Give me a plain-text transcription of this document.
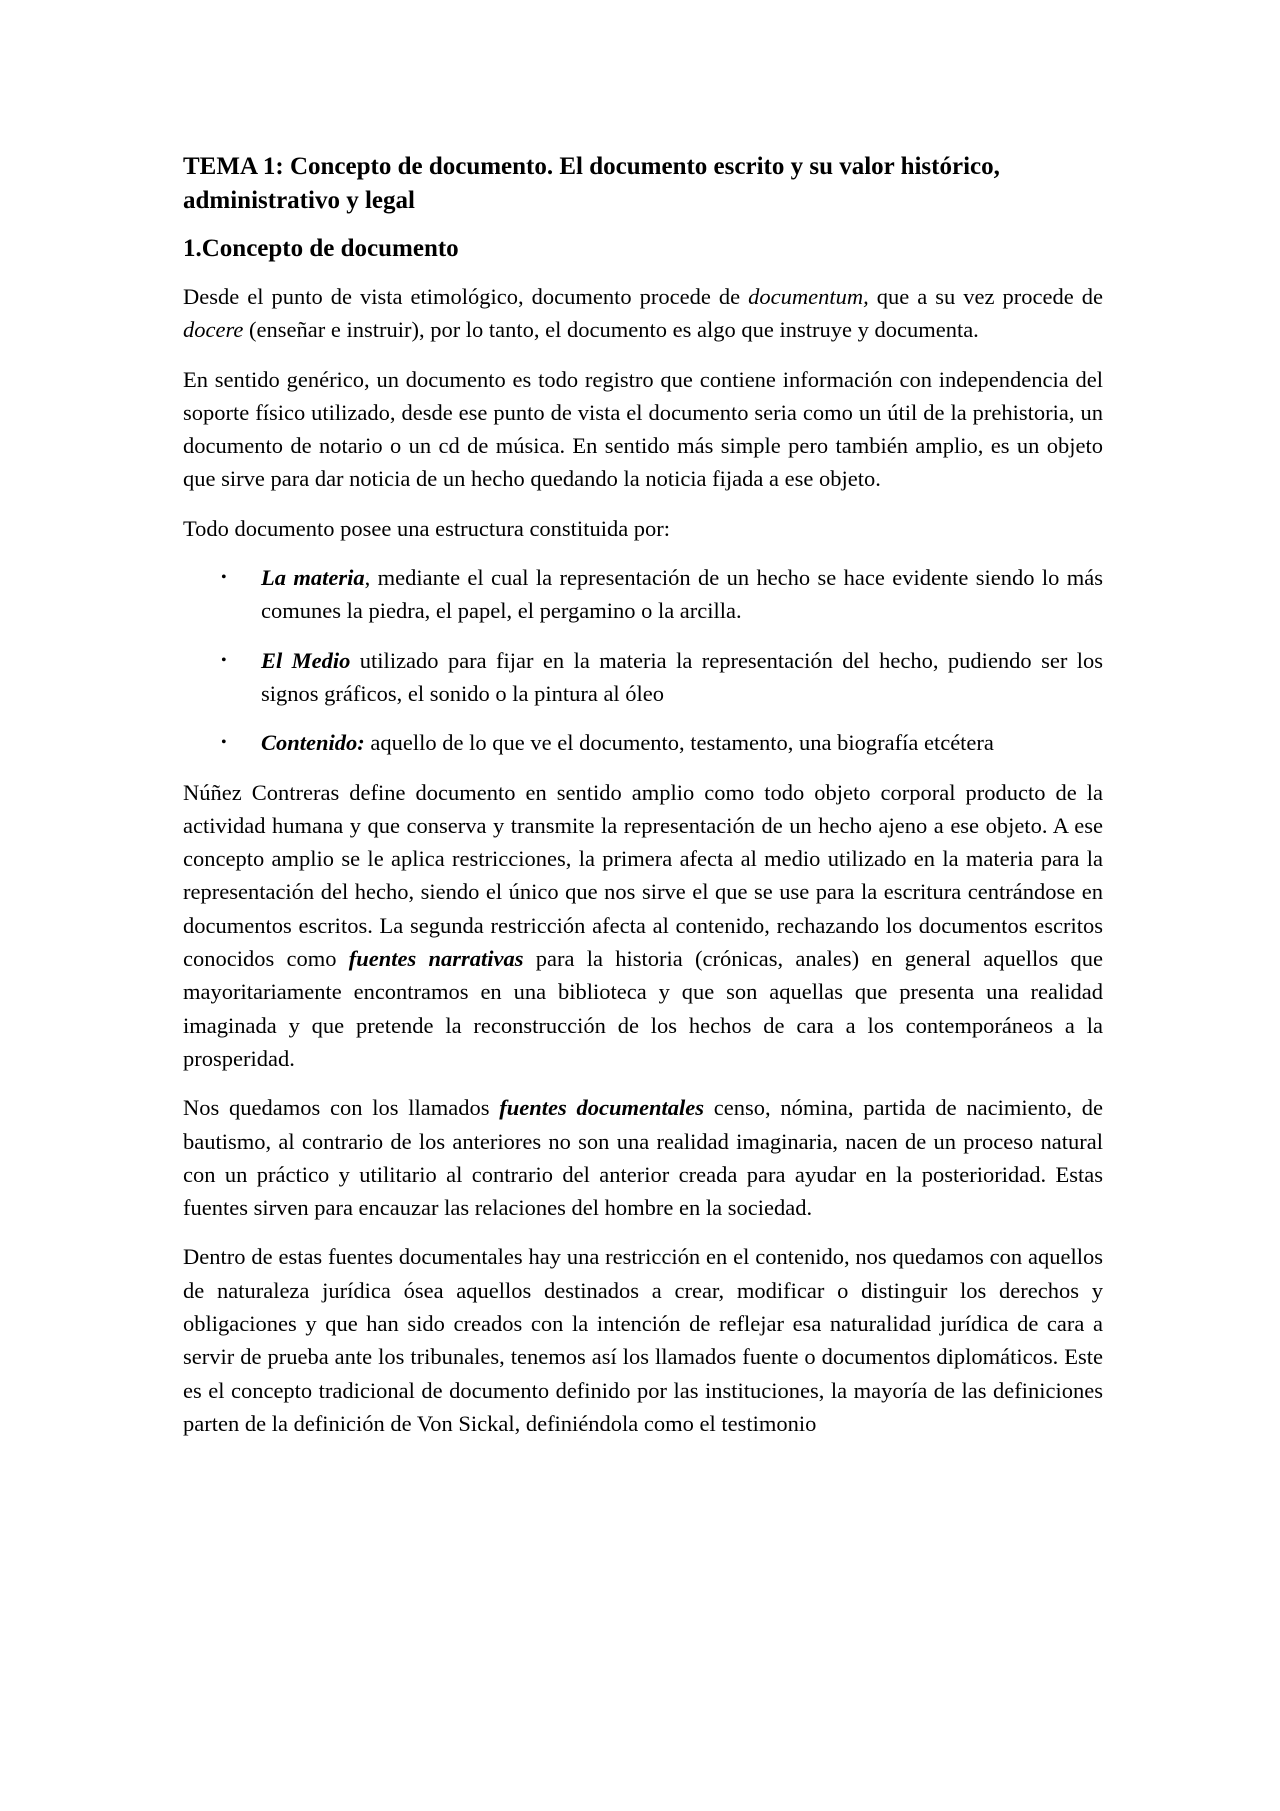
TEMA 1: Concepto de documento. El documento escrito y su valor histórico, administrativo y legal
1.Concepto de documento

Desde el punto de vista etimológico, documento procede de documentum, que a su vez procede de docere (enseñar e instruir), por lo tanto, el documento es algo que instruye y documenta.

En sentido genérico, un documento es todo registro que contiene información con independencia del soporte físico utilizado, desde ese punto de vista el documento seria como un útil de la prehistoria, un documento de notario o un cd de música. En sentido más simple pero también amplio, es un objeto que sirve para dar noticia de un hecho quedando la noticia fijada a ese objeto.

Todo documento posee una estructura constituida por:

• La materia, mediante el cual la representación de un hecho se hace evidente siendo lo más comunes la piedra, el papel, el pergamino o la arcilla.
• El Medio utilizado para fijar en la materia la representación del hecho, pudiendo ser los signos gráficos, el sonido o la pintura al óleo
• Contenido: aquello de lo que ve el documento, testamento, una biografía etcétera

Núñez Contreras define documento en sentido amplio como todo objeto corporal producto de la actividad humana y que conserva y transmite la representación de un hecho ajeno a ese objeto. A ese concepto amplio se le aplica restricciones, la primera afecta al medio utilizado en la materia para la representación del hecho, siendo el único que nos sirve el que se use para la escritura centrándose en documentos escritos. La segunda restricción afecta al contenido, rechazando los documentos escritos conocidos como fuentes narrativas para la historia (crónicas, anales) en general aquellos que mayoritariamente encontramos en una biblioteca y que son aquellas que presenta una realidad imaginada y que pretende la reconstrucción de los hechos de cara a los contemporáneos a la prosperidad.

Nos quedamos con los llamados fuentes documentales censo, nómina, partida de nacimiento, de bautismo, al contrario de los anteriores no son una realidad imaginaria, nacen de un proceso natural con un práctico y utilitario al contrario del anterior creada para ayudar en la posterioridad. Estas fuentes sirven para encauzar las relaciones del hombre en la sociedad.

Dentro de estas fuentes documentales hay una restricción en el contenido, nos quedamos con aquellos de naturaleza jurídica ósea aquellos destinados a crear, modificar o distinguir los derechos y obligaciones y que han sido creados con la intención de reflejar esa naturalidad jurídica de cara a servir de prueba ante los tribunales, tenemos así los llamados fuente o documentos diplomáticos. Este es el concepto tradicional de documento definido por las instituciones, la mayoría de las definiciones parten de la definición de Von Sickal, definiéndola como el testimonio
